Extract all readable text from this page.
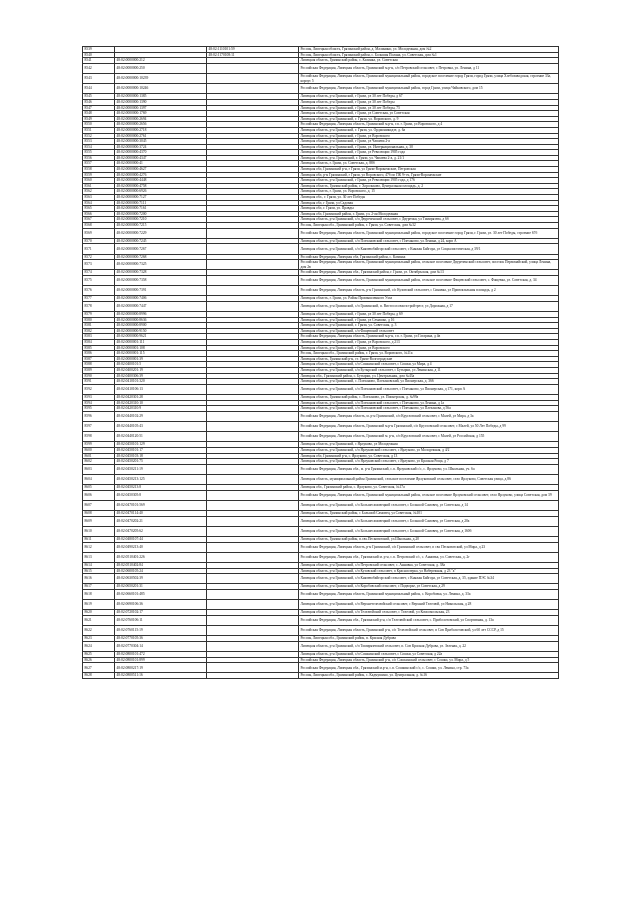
8539		48:02:1110101:59	Россия, Липецкая область, Грязинский район, д. Малинино, ул. Молодежная, дом №2
8540		48:02:1170108:11	Россия, Липецкая область, Грязинский район, с. Большая Поляна, ул. Советская, дом №1
8541	48:02:0000000:212		Липецкая область, Грязинский район, с. Казинка, ул. Советская
8542	48:02:0000000:250		Российская Федерация, Липецкая область, Грязинский м.р-н, с/п Петровский сельсовет, с Петровка, ул. Ленина, д 11
8543	48:02:0000000:10239		Российская Федерация, Липецкая область, Грязинский муниципальный район, городское поселение город Грязи, город Грязи, улица Хлебозаводская, строение 33а, корпус 5
8544	48:02:0000000:10246		Российская Федерация, Липецкая область, Грязинский муниципальный район, город Грязи, улица Чайковского, дом 15
8545	48:02:0000000:1385		Липецкая область, р-н Грязинский, г Грязи, ул 30 лет Победы, д 67
8546	48:02:0000000:1390		Липецкая область, р-н Грязинский, г Грязи, ул 30 лет Победы
8547	48:02:0000000:1397		Липецкая область, р-н Грязинский, г Грязи, ул 30 лет Победы, 75
8548	48:02:0000000:1769		Липецкая область, р-н Грязинский, г Грязи, ул Советская, ул Советская
8549	48:02:0000000:2694		Липецкая область, р-н Грязинский, г. Грязи, ул. Воровского, д. 9
8550	48:02:0000000:2656		Российская Федерация, Липецкая область, Грязинский м.р-н, г.п. г. Грязи, ул Воровского, д 4
8551	48:02:0000000:2718		Липецкая область, р-н Грязинский, г. Грязи, ул. Орджоникидзе, д. 6а
8552	48:02:0000000:2761		Липецкая область, р-н Грязинский, г Грязи, ул Воровского
8553	48:02:0000000:3045		Липецкая область, р-н Грязинский, г Грязи, ул Чапаева 2-а
8554	48:02:0000000:3724		Липецкая область, р-н Грязинский, г Грязи, ул. Интернациональная, д. 30
8555	48:02:0000000:4370		Липецкая область, р-н Грязинский, г Грязи, ул Революции 1905 года
8556	48:02:0000000:4347		Липецкая область, р-н. Грязинский, г. Грязи, ул. Чапаева 2-а, д. 21/1
8557	48:02:0000000:41		Липецкая область, г. Грязи, ул. Советская, д. 88б
8558	48:02:0000000:4627		Липецкая обл, Грязинский р-н, г Грязи, ул Грязи-Воронежские, Петровская
8559	48:02:0000000:4276		Липецкая обл, р-н Грязинский, г Грязи, ул Воровского, 47б по ПК 9+сч, Грязи-Воронежские
8560	48:02:0000000:4448		Липецкая область, р-н Грязинский, г Грязи, ул Революции 1905 года, д 176
8561	48:02:0000000:4758		Липецкая область, Грязинский район, г. Хорольково, Центральная площадь, д. 2
8562	48:02:0000000:6926		Липецкая область, г. Грязи, ул. Воровского, д. 15
8563	48:02:0000000:7127		Липецкая обл., г. Грязи, ул. 30 лет Победы
8564	48:02:0000000:7111		Липецкая обл, г Грязи, ул Садовая
8565	48:02:0000000:7161		Липецкая обл, г. Грязи, ул. Правды
8566	48:02:0000000:7200		Липецкая обл, Грязинский район, г. Грязи, ул. 2-ая Молодежная
8567	48:02:0000000:7210		Липецкая область, р-н Грязинский, с/п Двуреченский сельсовет, с Двуречки, ул Тимирязева, д 6б
8568	48:02:0000000:7215		Россия, Липецкая обл., Грязинский район, г. Грязи, ул. Советская, дом №32
8569	48:02:0000000:7229		Российская Федерация, Липецкая область, Грязинский муниципальный район, городское поселение город Грязи, г. Грязи, ул. 30 лет Победы, строение 67б
8570	48:02:0000000:7245		Липецкая область, р-н Грязинский, с/п Плехановский сельсовет, с Плеханово, ул Ленина, д 24, корп А
8571	48:02:0000000:7267		Липецкая область, р-н Грязинский, с/п Князевобайгорский сельсовет, с Княжая Байгора, ул Социалистическая, д 39/1
8572	48:02:0000000:7268		Российская Федерация, Липецкая обл, Грязинский район, с. Казинка
8573	48:02:0000000:7325		Российская Федерация, Липецкая область, Грязинский муниципальный район, сельское поселение Двуреченский сельсовет, поселок Первомайский, улица Ленина, дом 2в
8574	48:02:0000000:7328		Российская Федерация, Липецкая обл., Грязинский район, г. Грязи, ул. Октябрьская, дом №13
8575	48:02:0000000:7358		Российская Федерация, Липецкая область, Грязинский муниципальный район, сельское поселение Фащевский сельсовет, с. Фащевка, ул. Советская, д. 34
8576	48:02:0000000:7391		Российская Федерация, Липецкая область, р-н Грязинский, с/п Кузовский сельсовет, с Синявка, ул Привокзальная площадь, д 2
8577	48:02:0000000:7406		Липецкая область, г. Грязи, ул. Район Промышленного Узла
8578	48:02:0000000:7447		Липецкая область, р-н Грязинский, с/п Грязинский, п. Вистососовхозстройтрест, ул Дорожная, д 17
8579	48:02:0000000:8996		Липецкая область, р-н Грязинский, г Грязи, ул 30 лет Победы, д 69
8580	48:02:0000000:8636		Липецкая область, р-н Грязинский, г Грязи, ул Семашко, д 16
8581	48:02:0000000:8900		Липецкая область, р-н Грязинский, г. Грязи, ул. Советская, д. 3
8582	48:02:0000000:9150		Липецкая область, р-н Грязинский, с/п Фащевский сельсовет
8583	48:02:0000000:9621		Российская Федерация, Липецкая область, Грязинский м.р-н, г.п. г. Грязи, ул Гагарина, д 4в
8584	48:02:0000001:111		Липецкая область, р-н Грязинский, г Грязи, ул Воровского, д 213
8585	48:02:0000001:108		Липецкая область, р-н Грязинский, г Грязи, ул Воровского
8586	48:02:0000001:115		Россия, Липецкая обл., Грязинский район, г. Грязи, ул. Воровского, №11а
8587	48:02:0000001:39		Липецкая область, Грязинский р-н, ст. Грязи-Волгоградские
8588	48:02:0400101:5		Липецкая область, р-н Грязинский, с/п Сошкинский сельсовет, с Сошки, ул Мира, д 4
8589	48:02:0400201:19		Липецкая область, р-н Грязинский, с/п Бутырский сельсовет, с Бутырки, ул Ленинская, д 11
8590	48:02:0400306:39		Липецкая обл., Грязинский район, с. Бутырки, ул. Центральная, дом №43а
8591	48:02:0410101:320		Липецкая область, р-н Грязинский, с. Плеханово, Плехановский, ул Пионерская, д. 366
8592	48:02:0410106:13		Липецкая область, р-н Грязинский, с/п Плехановский сельсовет, с Плеханово, ул Пионерская, д 171, корп А
8593	48:02:0420301:28		Липецкая область, Грязинский район, с. Плеханово, ул. Пионерская, д. №99а
8594	48:02:0420310:10		Липецкая область, р-н Грязинский, с/п Плехановский сельсовет, с Плеханово, ул Ленина, д 1а
8595	48:02:0420310:9		Липецкая область, р-н Грязинский, с/п Плехановский сельсовет, с Плеханово, ул Плеханова, д 56а
8596	48:02:0440102:29		Российская Федерация, Липецкая область, м. р-н Грязинский, с/п Кругловский сельсовет, с Малей, ул Мира, д 3а
8597	48:02:0440105:43		Российская Федерация, Липецкая область, Грязинский м.р-н Грязинский, с/п Кругловский сельсовет, с Малей, ул 50 Лет Победы, д 99
8598	48:02:0440120:51		Российская Федерация, Липецкая область, Грязинский м. р-н, с/п Кругловский сельсовет, с Малей, ул Российская, д 155
8599	48:02:0450101:129		Липецкая область, р-н Грязинский, с Ярлуково, ул Молодежная
8600	48:02:0450101:17		Липецкая область, р-н Грязинский, с/п Ярлуковский сельсовет, с Ярлуково, ул Молодежная, д 4/2
8601	48:02:0450103:18		Липецкая обл, Грязинский р-н, с. Ярлуково, ул. Советская, д 13
8602	48:02:0450201:75		Липецкая область, р-н Грязинский, с/п Ярлуковский сельсовет, с Ярлуково, ул Красная Роща, д 7
8603	48:02:0450211:19		Российская Федерация, Липецкая обл., м. р-н Грязинский, с.п. Ярлуковский с/с, с. Ярлуково, ул. Школьная, уч. 6а
8604	48:02:0450213:125		Липецкая область, муниципальный район Грязинский, сельское поселение Ярлуковский сельсовет, село Ярлуково, Советская улица, д.86
8605	48:02:0450213:8		Липецкая обл., Грязинский район, с. Ярлуково, ул. Советская, №17а
8606	48:02:0450305:8		Российская Федерация, Липецкая область, Грязинский муниципальный район, сельское поселение Ярлуковский сельсовет, село Ярлуково, улица Советская, дом 39
8607	48:02:0470101:569		Липецкая область, р-н Грязинский, с/п Большесамовецкий сельсовет, с Большой Самовец, ул Советская, д 14
8608	48:02:0470114:40		Липецкая область, Грязинский район, с Большой Самовец, ул Советская, №101
8609	48:02:0470202:21		Липецкая область, р-н Грязинский, с/п Большесамовецкий сельсовет, с Большой Самовец, ул Советская, д 20а
8610	48:02:0470205:62		Липецкая область, р-н Грязинский, с/п Большесамовецкий сельсовет, с Большой Самовец, ул Советская, д 160б
8611	48:02:0480107:44		Липецкая область, Грязинский район, п.свх.Песковатский, ул.Школьная, д.20
8612	48:02:0490213:40		Российская Федерация, Липецкая область, р-н Грязинский, с/п Грязинский сельсовет, п свх Песковатский, ул Мира, д 23
8613	48:02:0510401:226		Российская Федерация, Липецкая обл., Грязинский м. р-н, с.п. Петровский с/с, с. Анновка, ул. Советская, д. 2г
8614	48:02:0510402:84		Липецкая область, р-н Грязинский, с/п Петровский сельсовет, с. Анновка, ул Советская, д. 38а
8615	48:02:0600105:24		Липецкая область, р-н Грязинский, с/п Кузовский сельсовет, п Красноозерка, ул Набережная, д 23 "а"
8616	48:02:0630502:39		Липецкая область, р-н Грязинский, с/п Князевобайгорский сельсовет, с Княжая Байгора, ул Советская, д. 35, здание ПЭС №34
8617	48:02:0650201:31		Липецкая область, р-н Грязинский, с/п Коробовский сельсовет, с Подворье, ул Советская, д 29
8618	48:02:0660101:485		Российская Федерация, Липецкая область, Грязинский муниципальный район, с. Коробовка, ул. Ленина, д. 33а
8619	48:02:0690106:36		Липецкая область, р-н Грязинский, с/п Верхнетелелюйский сельсовет, с Верхний Телелюй, ул Никольская, д 28
8620	48:02:0720102:17		Липецкая область, р-н Грязинский, с/п Телелюйский сельсовет, с Телелюй, ул Комсомольская, 23
8621	48:02:0760106:11		Российская Федерация, Липецкая обл., Грязинский р-н, с/п Телелюйский сельсовет, с. Приболотовский, ул Спортивная, д. 13а
8622	48:02:0760115:19		Российская Федерация, Липецкая область, Грязинский р-н, с/п Телелюйский сельсовет, п Сов Приболотовский, ул 60 лет СССР, д 15
8623	48:02:0770105:36		Россия, Липецкая обл., Грязинский район, п. Красная Дубрава
8624	48:02:0770304:14		Липецкая область, р-н Грязинский, с/п Тимирязевский сельсовет, п. Сов Красная Дубрава, ул. Зеленая, д. 22
8625	48:02:0800101:472		Липецкая область, р-н Грязинский, с/п Сошкинский сельсовет, с Сошки, ул Советская, д 22а
8626	48:02:0800101:899		Российская Федерация, Липецкая область, Грязинский р-н, с/п Сошкинский сельсовет, с Сошки, ул. Мира, д 5
8627	48:02:0800217:19		Российская Федерация, Липецкая обл., Грязинский м.р-н, с.п. Сошкинский с/с, с. Сошки, ул. Ленина, стр. 73а
8628	48:02:0800511:16		Россия, Липецкая обл., Грязинский район, с. Кадмушино, ул. Центральная, д. №16
